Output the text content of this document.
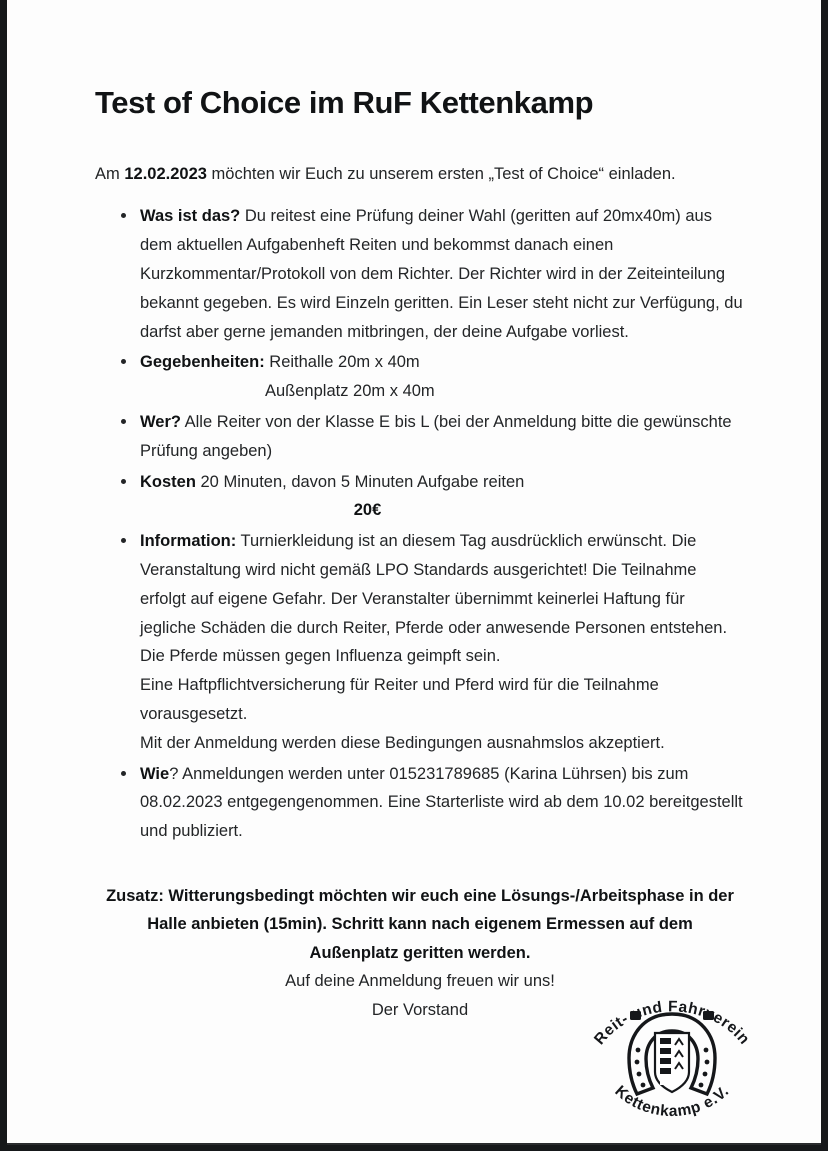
Test of Choice im RuF Kettenkamp

Am 12.02.2023 möchten wir Euch zu unserem ersten „Test of Choice“ einladen.

Was ist das? Du reitest eine Prüfung deiner Wahl (geritten auf 20mx40m) aus dem aktuellen Aufgabenheft Reiten und bekommst danach einen Kurzkommentar/Protokoll von dem Richter. Der Richter wird in der Zeiteinteilung bekannt gegeben. Es wird Einzeln geritten. Ein Leser steht nicht zur Verfügung, du darfst aber gerne jemanden mitbringen, der deine Aufgabe vorliest.
Gegebenheiten: Reithalle 20m x 40m
Außenplatz 20m x 40m
Wer? Alle Reiter von der Klasse E bis L (bei der Anmeldung bitte die gewünschte Prüfung angeben)
Kosten 20 Minuten, davon 5 Minuten Aufgabe reiten
20€
Information: Turnierkleidung ist an diesem Tag ausdrücklich erwünscht. Die Veranstaltung wird nicht gemäß LPO Standards ausgerichtet! Die Teilnahme erfolgt auf eigene Gefahr. Der Veranstalter übernimmt keinerlei Haftung für jegliche Schäden die durch Reiter, Pferde oder anwesende Personen entstehen. Die Pferde müssen gegen Influenza geimpft sein.
Eine Haftpflichtversicherung für Reiter und Pferd wird für die Teilnahme vorausgesetzt.
Mit der Anmeldung werden diese Bedingungen ausnahmslos akzeptiert.
Wie? Anmeldungen werden unter 015231789685 (Karina Lührsen) bis zum 08.02.2023 entgegengenommen. Eine Starterliste wird ab dem 10.02 bereitgestellt und publiziert.
Zusatz: Witterungsbedingt möchten wir euch eine Lösungs-/Arbeitsphase in der Halle anbieten (15min). Schritt kann nach eigenem Ermessen auf dem Außenplatz geritten werden.
Auf deine Anmeldung freuen wir uns!
Der Vorstand
Reit- und Fahrverein
Kettenkamp e.V.
